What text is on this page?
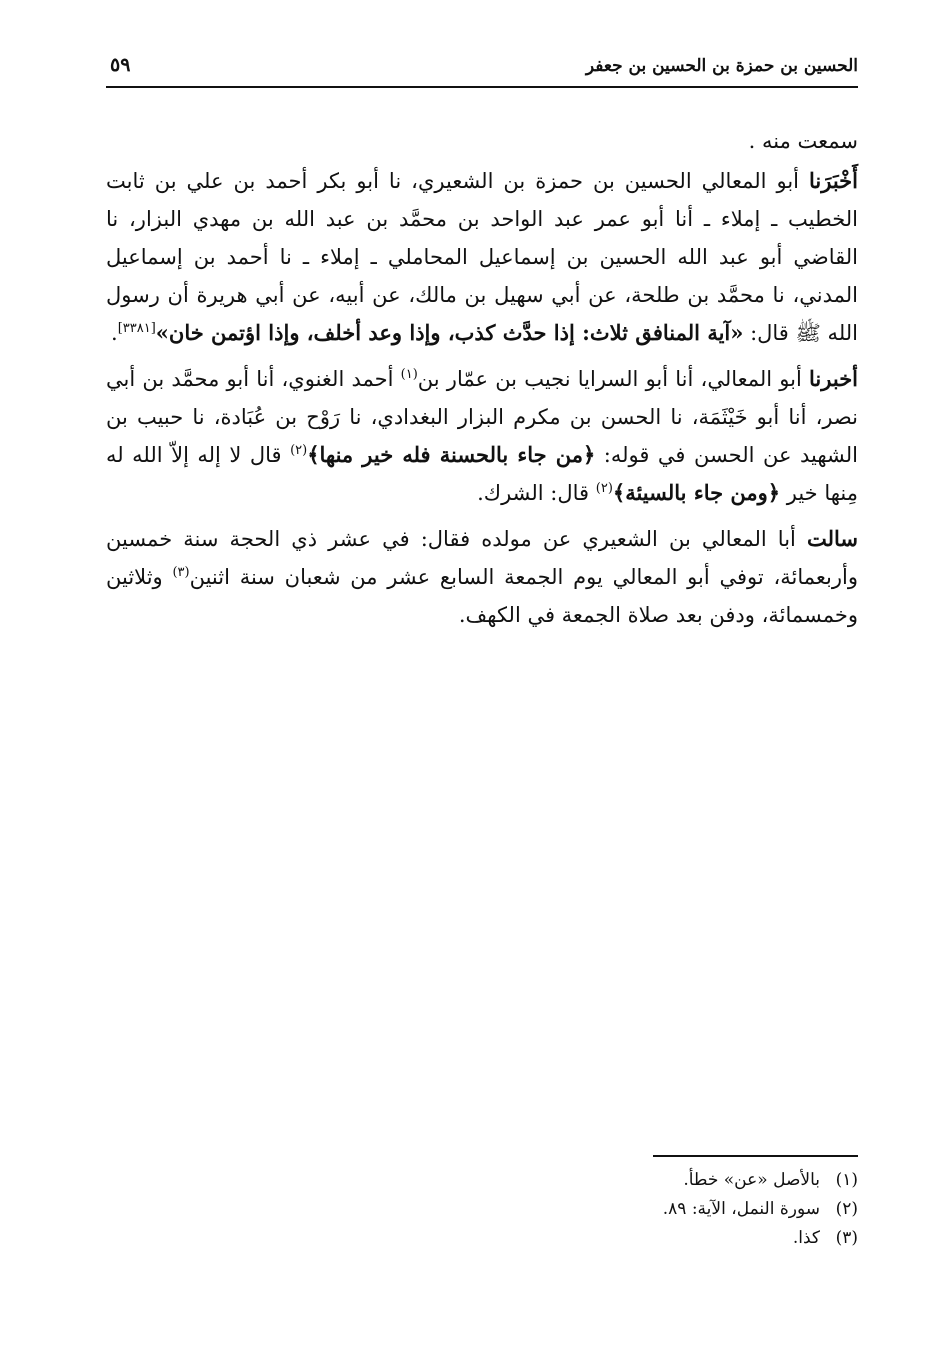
الحسين بن حمزة بن الحسين بن جعفر
٥٩

سمعت منه .

أَخْبَرَنا أبو المعالي الحسين بن حمزة بن الشعيري، نا أبو بكر أحمد بن علي بن ثابت الخطيب ـ إملاء ـ أنا أبو عمر عبد الواحد بن محمَّد بن عبد الله بن مهدي البزار، نا القاضي أبو عبد الله الحسين بن إسماعيل المحاملي ـ إملاء ـ نا أحمد بن إسماعيل المدني، نا محمَّد بن طلحة، عن أبي سهيل بن مالك، عن أبيه، عن أبي هريرة أن رسول الله ﷺ قال: «آية المنافق ثلاث: إذا حدَّث كذب، وإذا وعد أخلف، وإذا اؤتمن خان»[٣٣٨١].

أخبرنا أبو المعالي، أنا أبو السرايا نجيب بن عمّار بن$^{(١)}$ أحمد الغنوي، أنا أبو محمَّد بن أبي نصر، أنا أبو خَيْثَمَة، نا الحسن بن مكرم البزار البغدادي، نا رَوْح بن عُبَادة، نا حبيب بن الشهيد عن الحسن في قوله: ﴿من جاء بالحسنة فله خير منها﴾$^{(٢)}$ قال لا إله إلاّ الله له مِنها خير ﴿ومن جاء بالسيئة﴾$^{(٢)}$ قال: الشرك.

سالت أبا المعالي بن الشعيري عن مولده فقال: في عشر ذي الحجة سنة خمسين وأربعمائة، توفي أبو المعالي يوم الجمعة السابع عشر من شعبان سنة اثنين$^{(٣)}$ وثلاثين وخمسمائة، ودفن بعد صلاة الجمعة في الكهف.

(١)بالأصل «عن» خطأ.
(٢)سورة النمل، الآية: ٨٩.
(٣)كذا.
